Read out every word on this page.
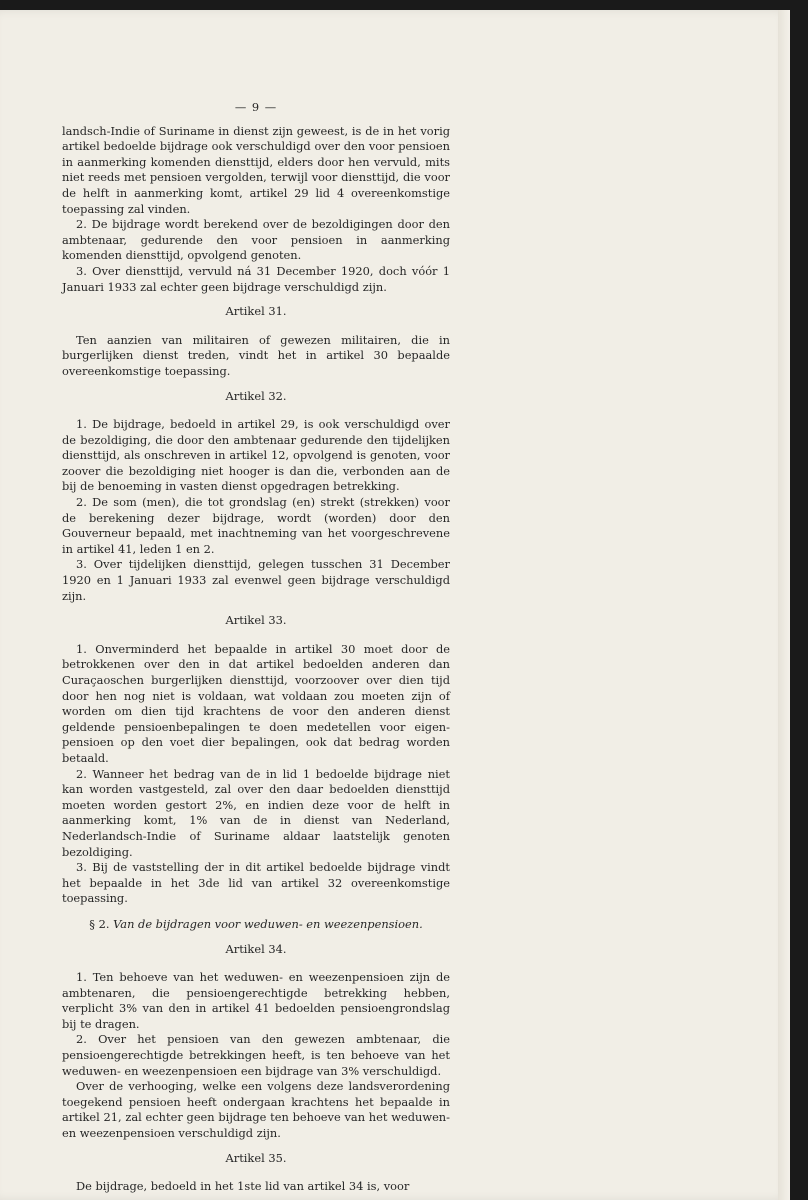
— 9 —

landsch-Indie of Suriname in dienst zijn geweest, is de in het vorig artikel bedoelde bijdrage ook verschuldigd over den voor pensioen in aanmerking komenden diensttijd, elders door hen vervuld, mits niet reeds met pensioen vergolden, terwijl voor diensttijd, die voor de helft in aanmerking komt, artikel 29 lid 4 overeenkomstige toepassing zal vinden.

2. De bijdrage wordt berekend over de bezoldigingen door den ambtenaar, gedurende den voor pensioen in aanmerking komenden diensttijd, opvolgend genoten.

3. Over diensttijd, vervuld ná 31 December 1920, doch vóór 1 Januari 1933 zal echter geen bijdrage verschuldigd zijn.

Artikel 31.

Ten aanzien van militairen of gewezen militairen, die in burgerlijken dienst treden, vindt het in artikel 30 bepaalde overeenkomstige toepassing.

Artikel 32.

1. De bijdrage, bedoeld in artikel 29, is ook verschuldigd over de bezoldiging, die door den ambtenaar gedurende den tijdelijken diensttijd, als onschreven in artikel 12, opvolgend is genoten, voor zoover die bezoldiging niet hooger is dan die, verbonden aan de bij de benoeming in vasten dienst opgedragen betrekking.

2. De som (men), die tot grondslag (en) strekt (strekken) voor de berekening dezer bijdrage, wordt (worden) door den Gouverneur bepaald, met inachtneming van het voorgeschrevene in artikel 41, leden 1 en 2.

3. Over tijdelijken diensttijd, gelegen tusschen 31 December 1920 en 1 Januari 1933 zal evenwel geen bijdrage verschuldigd zijn.

Artikel 33.

1. Onverminderd het bepaalde in artikel 30 moet door de betrokkenen over den in dat artikel bedoelden anderen dan Curaçaoschen burgerlijken diensttijd, voorzoover over dien tijd door hen nog niet is voldaan, wat voldaan zou moeten zijn of worden om dien tijd krachtens de voor den anderen dienst geldende pensioenbepalingen te doen medetellen voor eigen-pensioen op den voet dier bepalingen, ook dat bedrag worden betaald.

2. Wanneer het bedrag van de in lid 1 bedoelde bijdrage niet kan worden vastgesteld, zal over den daar bedoelden diensttijd moeten worden gestort 2%, en indien deze voor de helft in aanmerking komt, 1% van de in dienst van Nederland, Nederlandsch-Indie of Suriname aldaar laatstelijk genoten bezoldiging.

3. Bij de vaststelling der in dit artikel bedoelde bijdrage vindt het bepaalde in het 3de lid van artikel 32 overeenkomstige toepassing.

§ 2. Van de bijdragen voor weduwen- en weezenpensioen.
Artikel 34.

1. Ten behoeve van het weduwen- en weezenpensioen zijn de ambtenaren, die pensioengerechtigde betrekking hebben, verplicht 3% van den in artikel 41 bedoelden pensioengrondslag bij te dragen.

2. Over het pensioen van den gewezen ambtenaar, die pensioengerechtigde betrekkingen heeft, is ten behoeve van het weduwen- en weezenpensioen een bijdrage van 3% verschuldigd.

Over de verhooging, welke een volgens deze landsverordening toegekend pensioen heeft ondergaan krachtens het bepaalde in artikel 21, zal echter geen bijdrage ten behoeve van het weduwen- en weezenpensioen verschuldigd zijn.

Artikel 35.

De bijdrage, bedoeld in het 1ste lid van artikel 34 is, voor
